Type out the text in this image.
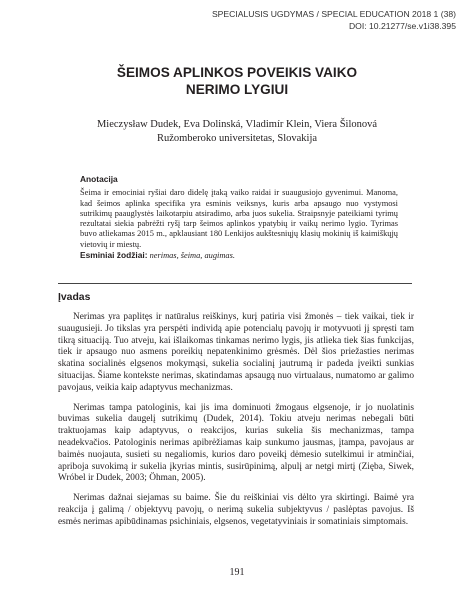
SPECIALUSIS UGDYMAS / SPECIAL EDUCATION 2018 1 (38)
DOI: 10.21277/se.v1i38.395
ŠEIMOS APLINKOS POVEIKIS VAIKO
NERIMO LYGIUI
Mieczysław Dudek, Eva Dolinská, Vladimír Klein, Viera Šilonová
Ružomberoko universitetas, Slovakija
Anotacija

Šeima ir emociniai ryšiai daro didelę įtaką vaiko raidai ir suaugusiojo gyvenimui. Manoma, kad šeimos aplinka specifika yra esminis veiksnys, kuris arba apsaugo nuo vystymosi sutrikimų paauglystės laikotarpiu atsiradimo, arba juos sukelia. Straipsnyje pateikiami tyrimų rezultatai siekia pabrėžti ryšį tarp šeimos aplinkos ypatybių ir vaikų nerimo lygio. Tyrimas buvo atliekamas 2015 m., apklausiant 180 Lenkijos aukštesniųjų klasių mokinių iš kaimiškųjų vietovių ir miestų.

Esminiai žodžiai: nerimas, šeima, augimas.

Įvadas

Nerimas yra paplitęs ir natūralus reiškinys, kurį patiria visi žmonės – tiek vaikai, tiek ir suaugusieji. Jo tikslas yra perspėti individą apie potencialų pavojų ir motyvuoti jį spręsti tam tikrą situaciją. Tuo atveju, kai išlaikomas tinkamas nerimo lygis, jis atlieka tiek šias funkcijas, tiek ir apsaugo nuo asmens poreikių nepatenkinimo grėsmės. Dėl šios priežasties nerimas skatina socialinės elgsenos mokymąsi, sukelia socialinį jautrumą ir padeda įveikti sunkias situacijas. Šiame kontekste nerimas, skatindamas apsaugą nuo virtualaus, numatomo ar galimo pavojaus, veikia kaip adaptyvus mechanizmas.

Nerimas tampa patologinis, kai jis ima dominuoti žmogaus elgsenoje, ir jo nuolatinis buvimas sukelia daugelį sutrikimų (Dudek, 2014). Tokiu atveju nerimas nebegali būti traktuojamas kaip adaptyvus, o reakcijos, kurias sukelia šis mechanizmas, tampa neadekvačios. Patologinis nerimas apibrėžiamas kaip sunkumo jausmas, įtampa, pavojaus ar baimės nuojauta, susieti su negaliomis, kurios daro poveikį dėmesio sutelkimui ir atminčiai, apriboja suvokimą ir sukelia įkyrias mintis, susirūpinimą, alpulį ar netgi mirtį (Zięba, Siwek, Wróbel ir Dudek, 2003; Öhman, 2005).

Nerimas dažnai siejamas su baime. Šie du reiškiniai vis dėlto yra skirtingi. Baimė yra reakcija į galimą / objektyvų pavojų, o nerimą sukelia subjektyvus / paslėptas pavojus. Iš esmės nerimas apibūdinamas psichiniais, elgsenos, vegetatyviniais ir somatiniais simptomais.

191
